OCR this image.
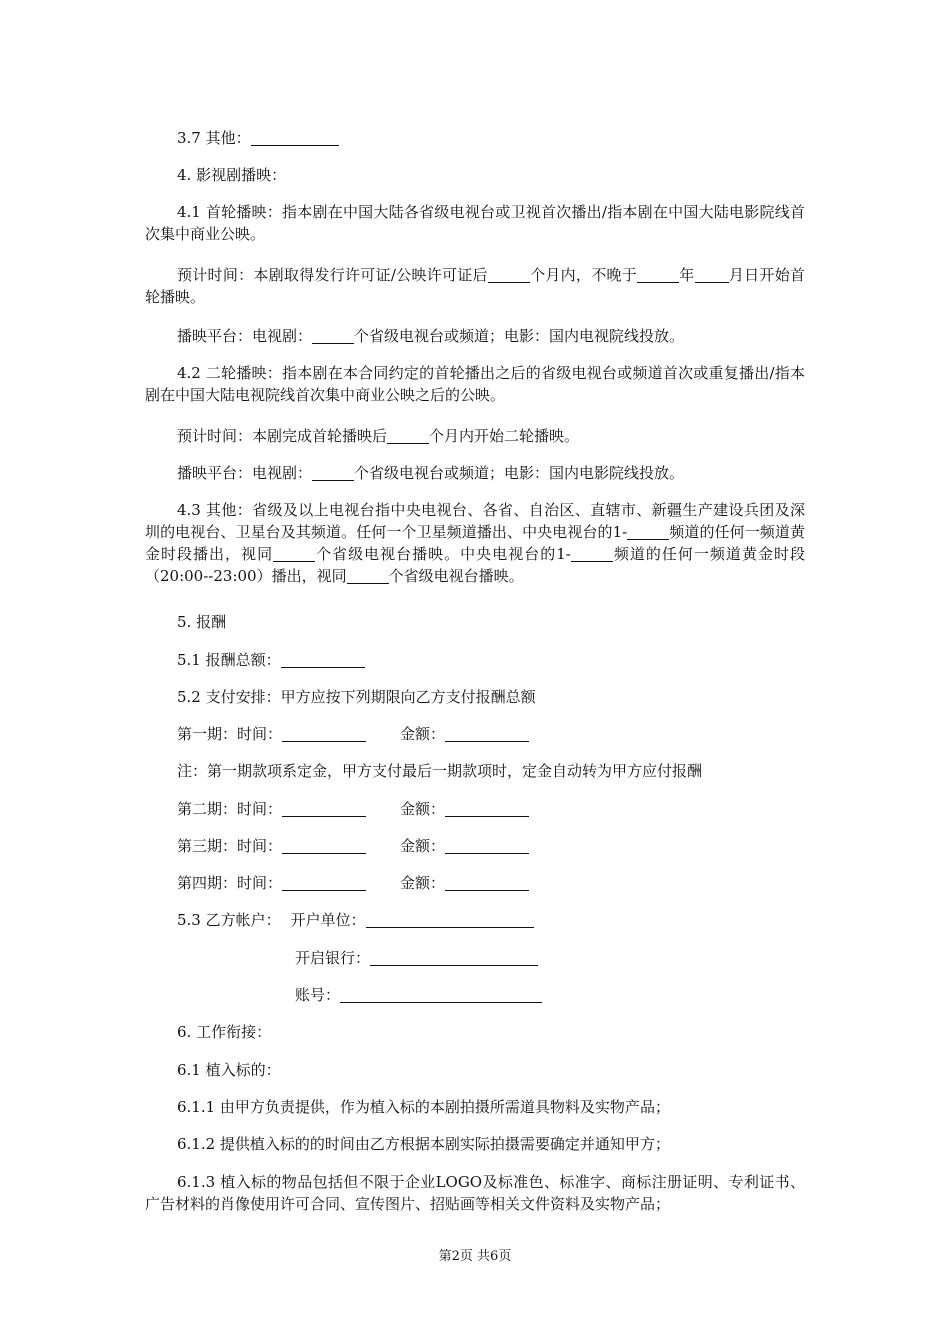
3.7 其他：
4. 影视剧播映：
4.1 首轮播映：指本剧在中国大陆各省级电视台或卫视首次播出/指本剧在中国大陆电影院线首次集中商业公映。
预计时间：本剧取得发行许可证/公映许可证后	个月内，不晚于	年 月日开始首轮播映。
播映平台：电视剧：	个省级电视台或频道；电影：国内电视院线投放。
4.2 二轮播映：指本剧在本合同约定的首轮播出之后的省级电视台或频道首次或重复播出/指本剧在中国大陆电视院线首次集中商业公映之后的公映。
预计时间：本剧完成首轮播映后	个月内开始二轮播映。
播映平台：电视剧：	个省级电视台或频道；电影：国内电影院线投放。
4.3 其他：省级及以上电视台指中央电视台、各省、自治区、直辖市、新疆生产建设兵团及深圳的电视台、卫星台及其频道。任何一个卫星频道播出、中央电视台的1-	频道的任何一频道黄金时段播出，视同	个省级电视台播映。中央电视台的1-	频道的任何一频道黄金时段（20:00--23:00）播出，视同	个省级电视台播映。
5. 报酬
5.1 报酬总额：
5.2 支付安排：甲方应按下列期限向乙方支付报酬总额
第一期：时间：	金额：
注：第一期款项系定金，甲方支付最后一期款项时，定金自动转为甲方应付报酬
第二期：时间：	金额：
第三期：时间：	金额：
第四期：时间：	金额：
5.3 乙方帐户： 开户单位：
开启银行：
账号：
6. 工作衔接：
6.1 植入标的：
6.1.1 由甲方负责提供，作为植入标的本剧拍摄所需道具物料及实物产品；
6.1.2 提供植入标的的时间由乙方根据本剧实际拍摄需要确定并通知甲方；
6.1.3 植入标的物品包括但不限于企业LOGO及标准色、标准字、商标注册证明、专利证书、广告材料的肖像使用许可合同、宣传图片、招贴画等相关文件资料及实物产品；
第2页 共6页
